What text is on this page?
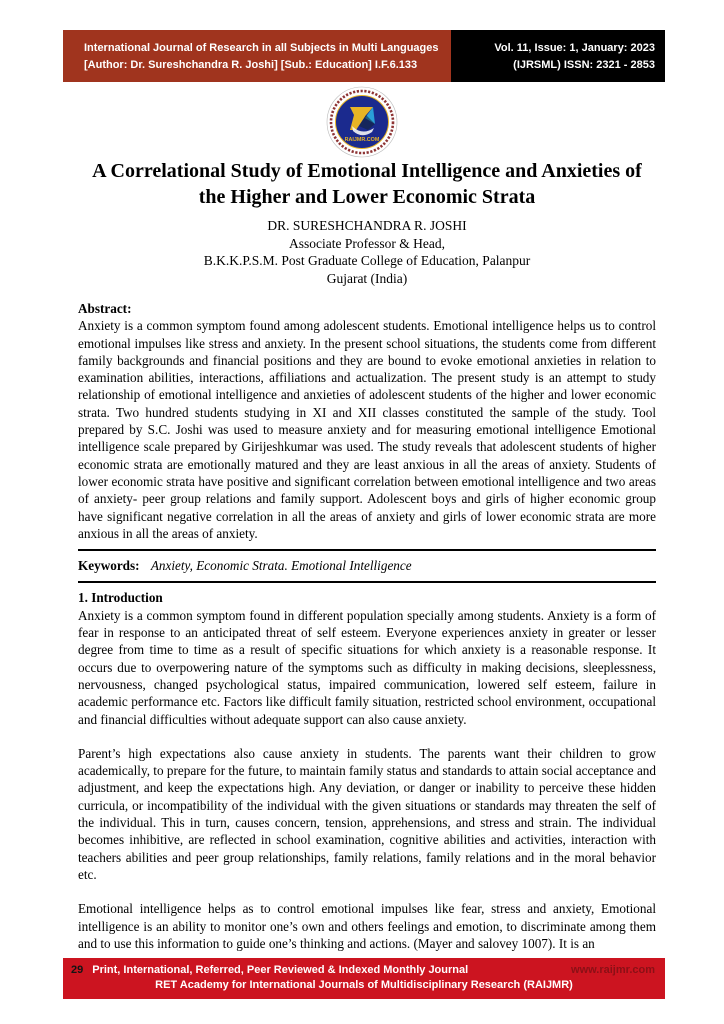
International Journal of Research in all Subjects in Multi Languages
[Author: Dr. Sureshchandra R. Joshi] [Sub.: Education] I.F.6.133
Vol. 11, Issue: 1, January: 2023
(IJRSML) ISSN: 2321 - 2853
RAIJMR.COM
A Correlational Study of Emotional Intelligence and Anxieties of the Higher and Lower Economic Strata
DR. SURESHCHANDRA R. JOSHI
Associate Professor & Head,
B.K.K.P.S.M. Post Graduate College of Education, Palanpur
Gujarat (India)
Abstract:
Anxiety is a common symptom found among adolescent students. Emotional intelligence helps us to control emotional impulses like stress and anxiety. In the present school situations, the students come from different family backgrounds and financial positions and they are bound to evoke emotional anxieties in relation to examination abilities, interactions, affiliations and actualization. The present study is an attempt to study relationship of emotional intelligence and anxieties of adolescent students of the higher and lower economic strata. Two hundred students studying in XI and XII classes constituted the sample of the study. Tool prepared by S.C. Joshi was used to measure anxiety and for measuring emotional intelligence Emotional intelligence scale prepared by Girijeshkumar was used. The study reveals that adolescent students of higher economic strata are emotionally matured and they are least anxious in all the areas of anxiety. Students of lower economic strata have positive and significant correlation between emotional intelligence and two areas of anxiety- peer group relations and family support. Adolescent boys and girls of higher economic group have significant negative correlation in all the areas of anxiety and girls of lower economic strata are more anxious in all the areas of anxiety.
Keywords: Anxiety, Economic Strata. Emotional Intelligence
1. Introduction
Anxiety is a common symptom found in different population specially among students. Anxiety is a form of fear in response to an anticipated threat of self esteem. Everyone experiences anxiety in greater or lesser degree from time to time as a result of specific situations for which anxiety is a reasonable response. It occurs due to overpowering nature of the symptoms such as difficulty in making decisions, sleeplessness, nervousness, changed psychological status, impaired communication, lowered self esteem, failure in academic performance etc. Factors like difficult family situation, restricted school environment, occupational and financial difficulties without adequate support can also cause anxiety.
Parent’s high expectations also cause anxiety in students. The parents want their children to grow academically, to prepare for the future, to maintain family status and standards to attain social acceptance and adjustment, and keep the expectations high. Any deviation, or danger or inability to perceive these hidden curricula, or incompatibility of the individual with the given situations or standards may threaten the self of the individual. This in turn, causes concern, tension, apprehensions, and stress and strain. The individual becomes inhibitive, are reflected in school examination, cognitive abilities and activities, interaction with teachers abilities and peer group relationships, family relations, family relations and in the moral behavior etc.
Emotional intelligence helps as to control emotional impulses like fear, stress and anxiety, Emotional intelligence is an ability to monitor one’s own and others feelings and emotion, to discriminate among them and to use this information to guide one’s thinking and actions. (Mayer and salovey 1007). It is an
29 Print, International, Referred, Peer Reviewed & Indexed Monthly Journal	www.raijmr.com
RET Academy for International Journals of Multidisciplinary Research (RAIJMR)
